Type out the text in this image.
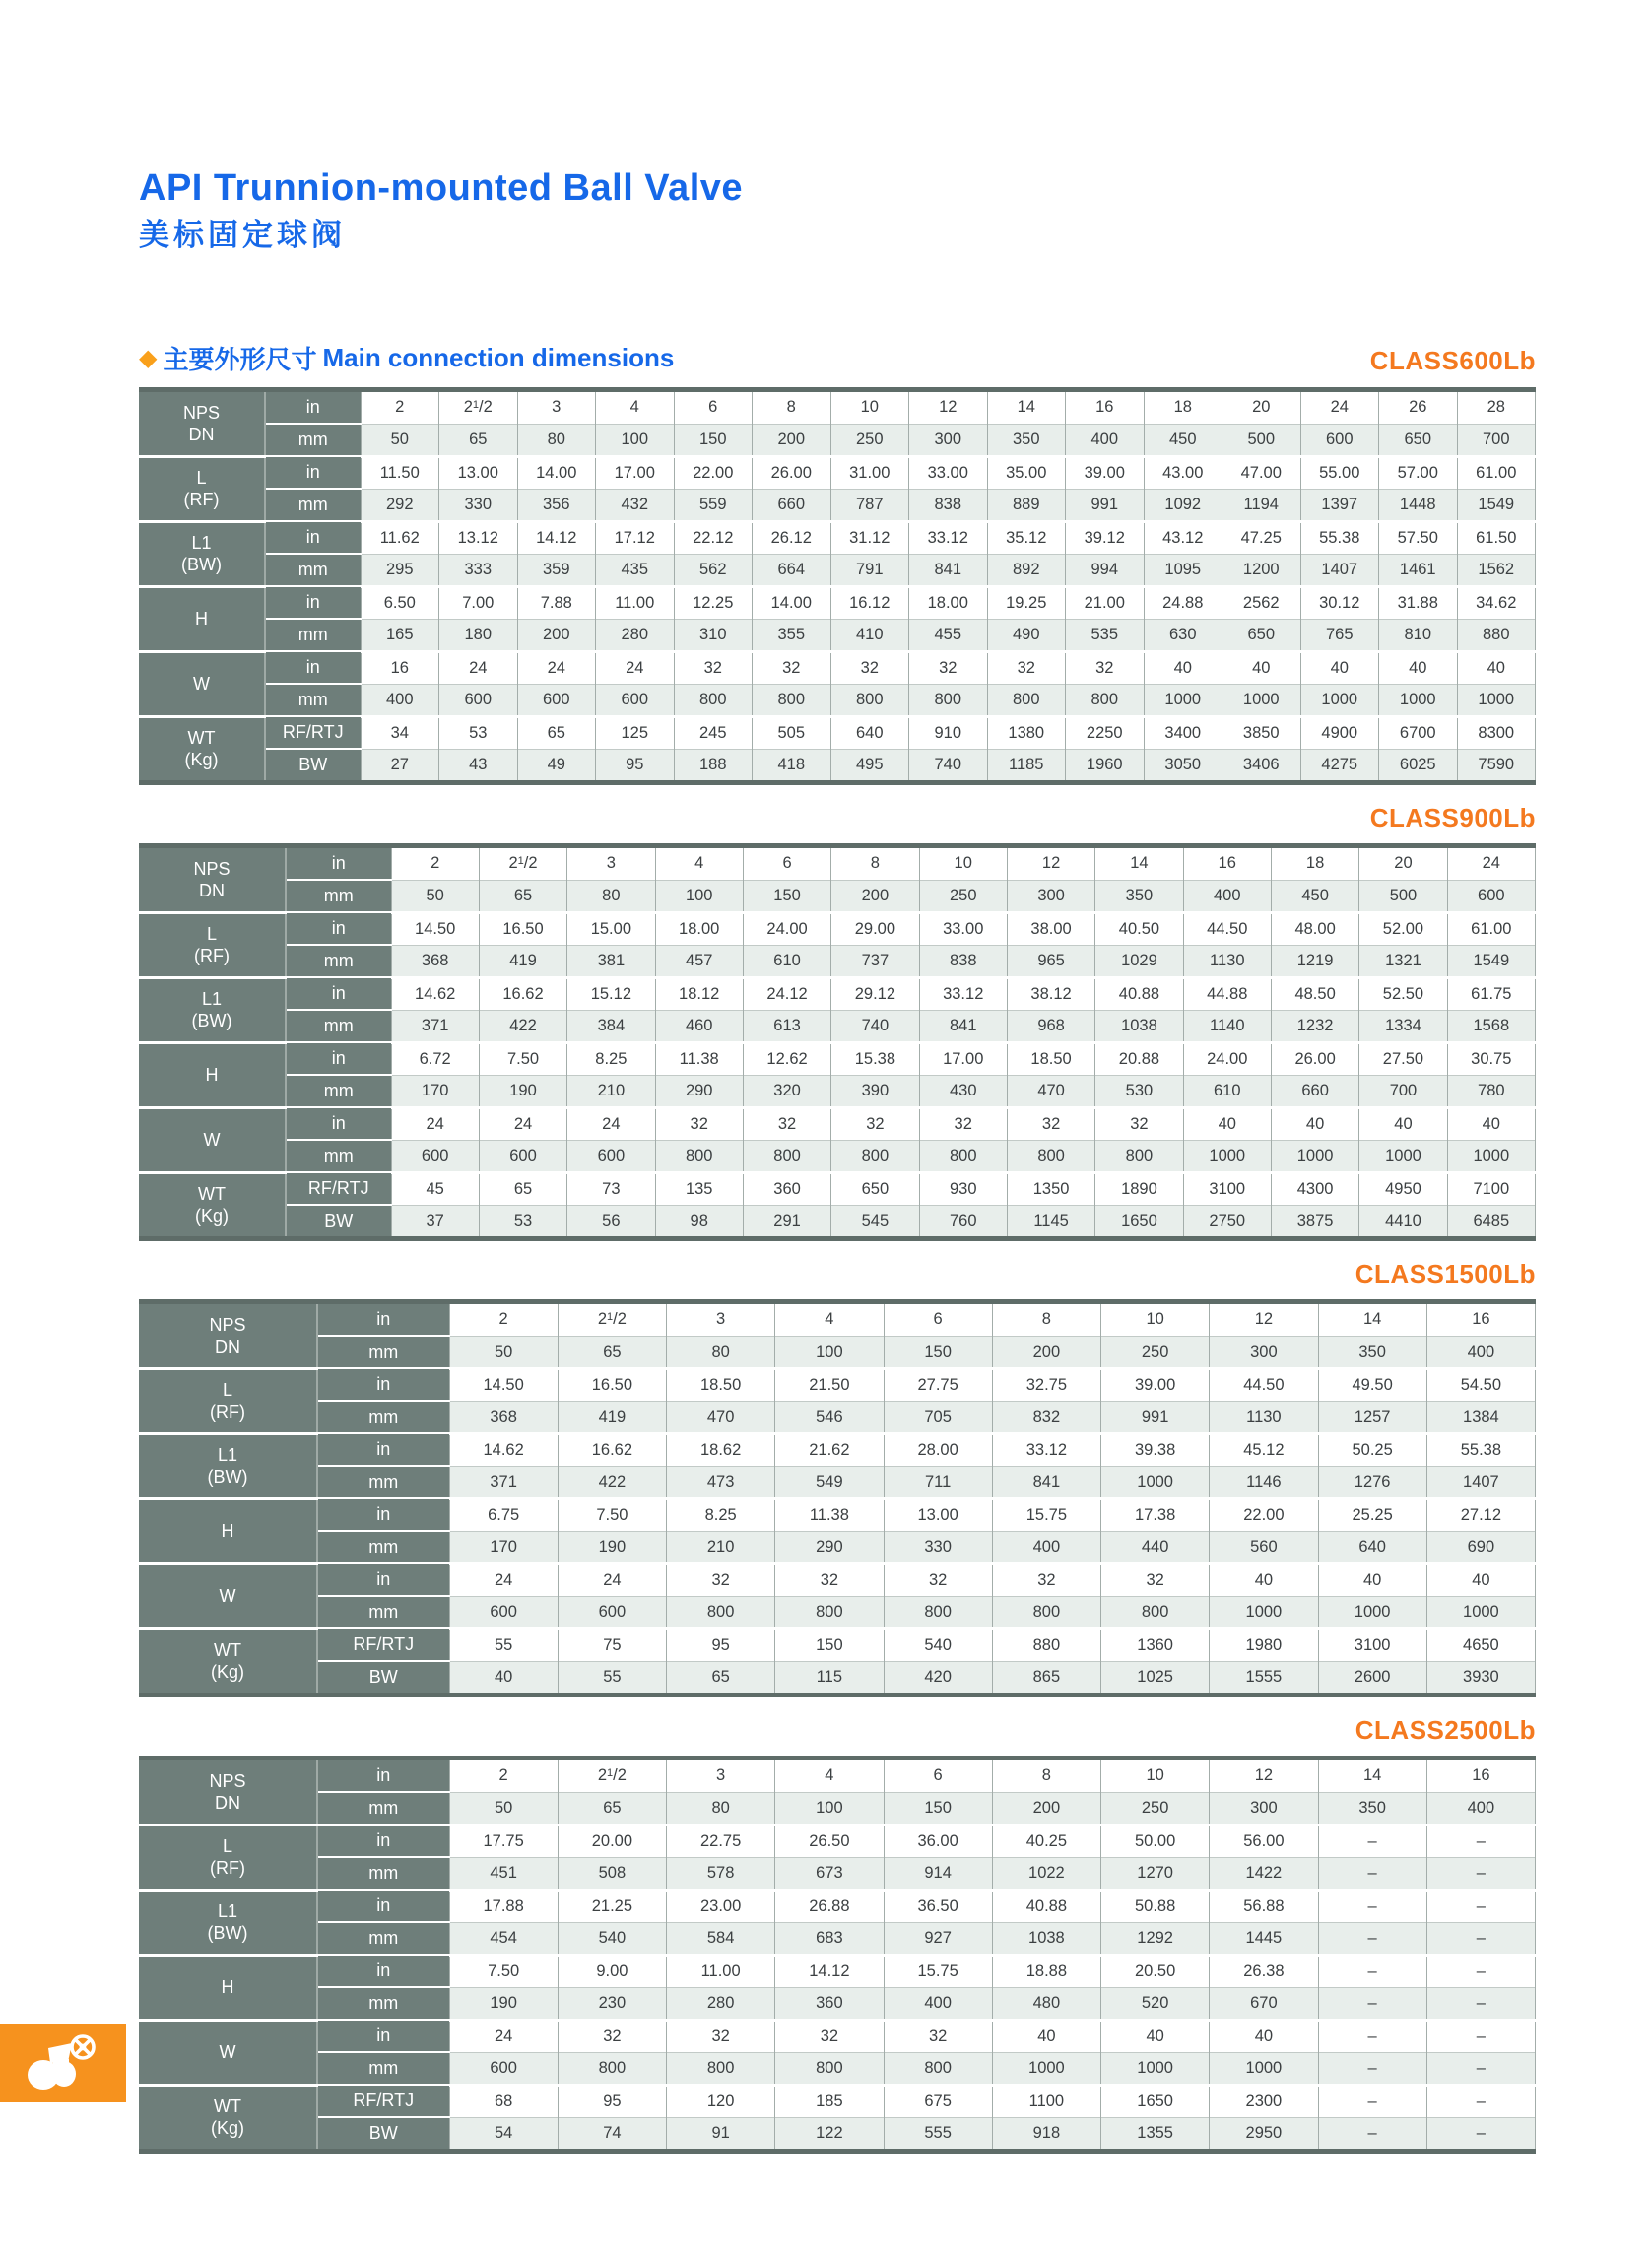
API Trunnion-mounted Ball Valve
美标固定球阀
◆ 主要外形尺寸 Main connection dimensions	CLASS600Lb
NPS
DN	in	2	$2^1/2$	3	4	6	8	10	12	14	16	18	20	24	26	28
	mm	50	65	80	100	150	200	250	300	350	400	450	500	600	650	700
L
(RF)	in	11.50	13.00	14.00	17.00	22.00	26.00	31.00	33.00	35.00	39.00	43.00	47.00	55.00	57.00	61.00
	mm	292	330	356	432	559	660	787	838	889	991	1092	1194	1397	1448	1549
L1
(BW)	in	11.62	13.12	14.12	17.12	22.12	26.12	31.12	33.12	35.12	39.12	43.12	47.25	55.38	57.50	61.50
	mm	295	333	359	435	562	664	791	841	892	994	1095	1200	1407	1461	1562
H	in	6.50	7.00	7.88	11.00	12.25	14.00	16.12	18.00	19.25	21.00	24.88	2562	30.12	31.88	34.62
	mm	165	180	200	280	310	355	410	455	490	535	630	650	765	810	880
W	in	16	24	24	24	32	32	32	32	32	32	40	40	40	40	40
	mm	400	600	600	600	800	800	800	800	800	800	1000	1000	1000	1000	1000
WT
(Kg)	RF/RTJ	34	53	65	125	245	505	640	910	1380	2250	3400	3850	4900	6700	8300
	BW	27	43	49	95	188	418	495	740	1185	1960	3050	3406	4275	6025	7590
CLASS900Lb
NPS
DN	in	2	$2^1/2$	3	4	6	8	10	12	14	16	18	20	24
	mm	50	65	80	100	150	200	250	300	350	400	450	500	600
L
(RF)	in	14.50	16.50	15.00	18.00	24.00	29.00	33.00	38.00	40.50	44.50	48.00	52.00	61.00
	mm	368	419	381	457	610	737	838	965	1029	1130	1219	1321	1549
L1
(BW)	in	14.62	16.62	15.12	18.12	24.12	29.12	33.12	38.12	40.88	44.88	48.50	52.50	61.75
	mm	371	422	384	460	613	740	841	968	1038	1140	1232	1334	1568
H	in	6.72	7.50	8.25	11.38	12.62	15.38	17.00	18.50	20.88	24.00	26.00	27.50	30.75
	mm	170	190	210	290	320	390	430	470	530	610	660	700	780
W	in	24	24	24	32	32	32	32	32	32	40	40	40	40
	mm	600	600	600	800	800	800	800	800	800	1000	1000	1000	1000
WT
(Kg)	RF/RTJ	45	65	73	135	360	650	930	1350	1890	3100	4300	4950	7100
	BW	37	53	56	98	291	545	760	1145	1650	2750	3875	4410	6485
CLASS1500Lb
NPS
DN	in	2	$2^1/2$	3	4	6	8	10	12	14	16
	mm	50	65	80	100	150	200	250	300	350	400
L
(RF)	in	14.50	16.50	18.50	21.50	27.75	32.75	39.00	44.50	49.50	54.50
	mm	368	419	470	546	705	832	991	1130	1257	1384
L1
(BW)	in	14.62	16.62	18.62	21.62	28.00	33.12	39.38	45.12	50.25	55.38
	mm	371	422	473	549	711	841	1000	1146	1276	1407
H	in	6.75	7.50	8.25	11.38	13.00	15.75	17.38	22.00	25.25	27.12
	mm	170	190	210	290	330	400	440	560	640	690
W	in	24	24	32	32	32	32	32	40	40	40
	mm	600	600	800	800	800	800	800	1000	1000	1000
WT
(Kg)	RF/RTJ	55	75	95	150	540	880	1360	1980	3100	4650
	BW	40	55	65	115	420	865	1025	1555	2600	3930
CLASS2500Lb
NPS
DN	in	2	$2^1/2$	3	4	6	8	10	12	14	16
	mm	50	65	80	100	150	200	250	300	350	400
L
(RF)	in	17.75	20.00	22.75	26.50	36.00	40.25	50.00	56.00	–	–
	mm	451	508	578	673	914	1022	1270	1422	–	–
L1
(BW)	in	17.88	21.25	23.00	26.88	36.50	40.88	50.88	56.88	–	–
	mm	454	540	584	683	927	1038	1292	1445	–	–
H	in	7.50	9.00	11.00	14.12	15.75	18.88	20.50	26.38	–	–
	mm	190	230	280	360	400	480	520	670	–	–
W	in	24	32	32	32	32	40	40	40	–	–
	mm	600	800	800	800	800	1000	1000	1000	–	–
WT
(Kg)	RF/RTJ	68	95	120	185	675	1100	1650	2300	–	–
	BW	54	74	91	122	555	918	1355	2950	–	–
